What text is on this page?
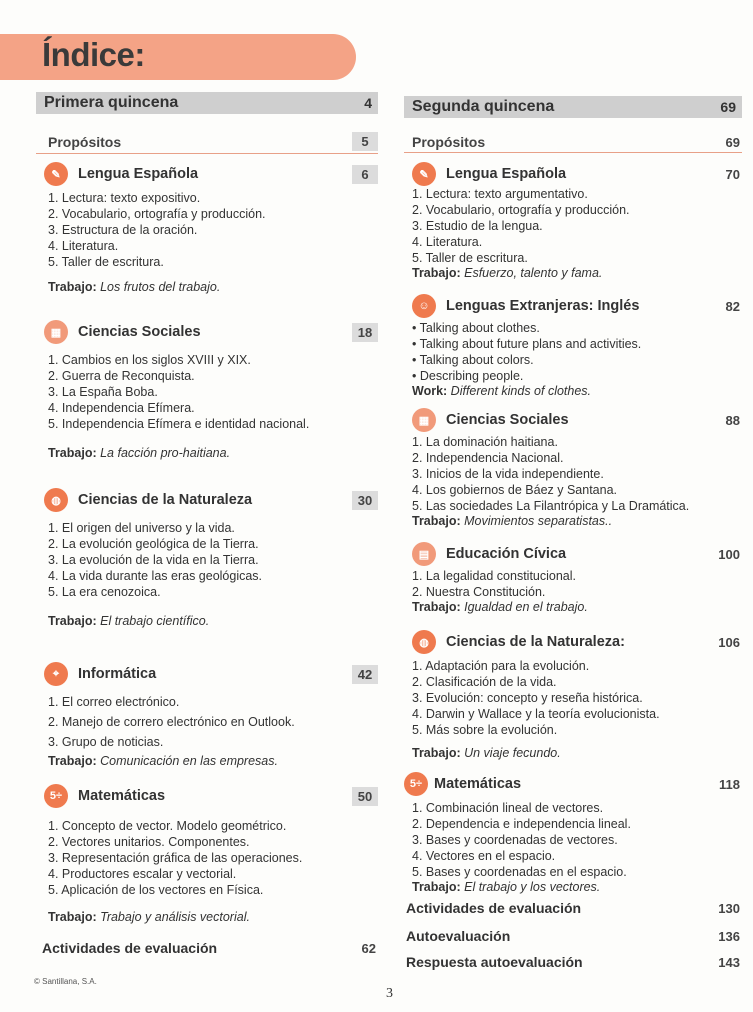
Índice:
Primera quincena	4
Propósitos	5
✎	Lengua Española	6
1. Lectura: texto expositivo.
2. Vocabulario, ortografía y producción.
3. Estructura de la oración.
4. Literatura.
5. Taller de escritura.
Trabajo: Los frutos del trabajo.
▦	Ciencias Sociales	18
1. Cambios en los siglos XVIII y XIX.
2. Guerra de Reconquista.
3. La España Boba.
4. Independencia Efímera.
5. Independencia Efímera e identidad nacional.
Trabajo: La facción pro-haitiana.
◍	Ciencias de la Naturaleza	30
1. El origen del universo y la vida.
2. La evolución geológica de la Tierra.
3. La evolución de la vida en la Tierra.
4. La vida durante las eras geológicas.
5. La era cenozoica.
Trabajo: El trabajo científico.
⌖	Informática	42
1. El correo electrónico.
2. Manejo de correro electrónico en Outlook.
3. Grupo de noticias.
Trabajo: Comunicación en las empresas.
5÷	Matemáticas	50
1. Concepto de vector. Modelo geométrico.
2. Vectores unitarios. Componentes.
3. Representación gráfica de las operaciones.
4. Productores escalar y vectorial.
5. Aplicación de los vectores en Física.
Trabajo: Trabajo y análisis vectorial.
Actividades de evaluación	62
Segunda quincena	69
Propósitos	69
✎	Lengua Española	70
1. Lectura: texto argumentativo.
2. Vocabulario, ortografía y producción.
3. Estudio de la lengua.
4. Literatura.
5. Taller de escritura.
Trabajo: Esfuerzo, talento y fama.
☺	Lenguas Extranjeras: Inglés	82
• Talking about clothes.
• Talking about future plans and activities.
• Talking about colors.
• Describing people.
Work: Different kinds of clothes.
▦	Ciencias Sociales	88
1. La dominación haitiana.
2. Independencia Nacional.
3. Inicios de la vida independiente.
4. Los gobiernos de Báez y Santana.
5. Las sociedades La Filantrópica y La Dramática.
Trabajo: Movimientos separatistas..
▤	Educación Cívica	100
1. La legalidad constitucional.
2. Nuestra Constitución.
Trabajo: Igualdad en el trabajo.
◍	Ciencias de la Naturaleza:	106
1. Adaptación para la evolución.
2. Clasificación de la vida.
3. Evolución: concepto y reseña histórica.
4. Darwin y Wallace y la teoría evolucionista.
5. Más sobre la evolución.
Trabajo: Un viaje fecundo.
5÷ Matemáticas	118
1. Combinación lineal de vectores.
2. Dependencia e independencia lineal.
3. Bases y coordenadas de vectores.
4. Vectores en el espacio.
5. Bases y coordenadas en el espacio.
Trabajo: El trabajo y los vectores.
Actividades de evaluación	130
Autoevaluación	136
Respuesta autoevaluación	143
© Santillana, S.A.
3
